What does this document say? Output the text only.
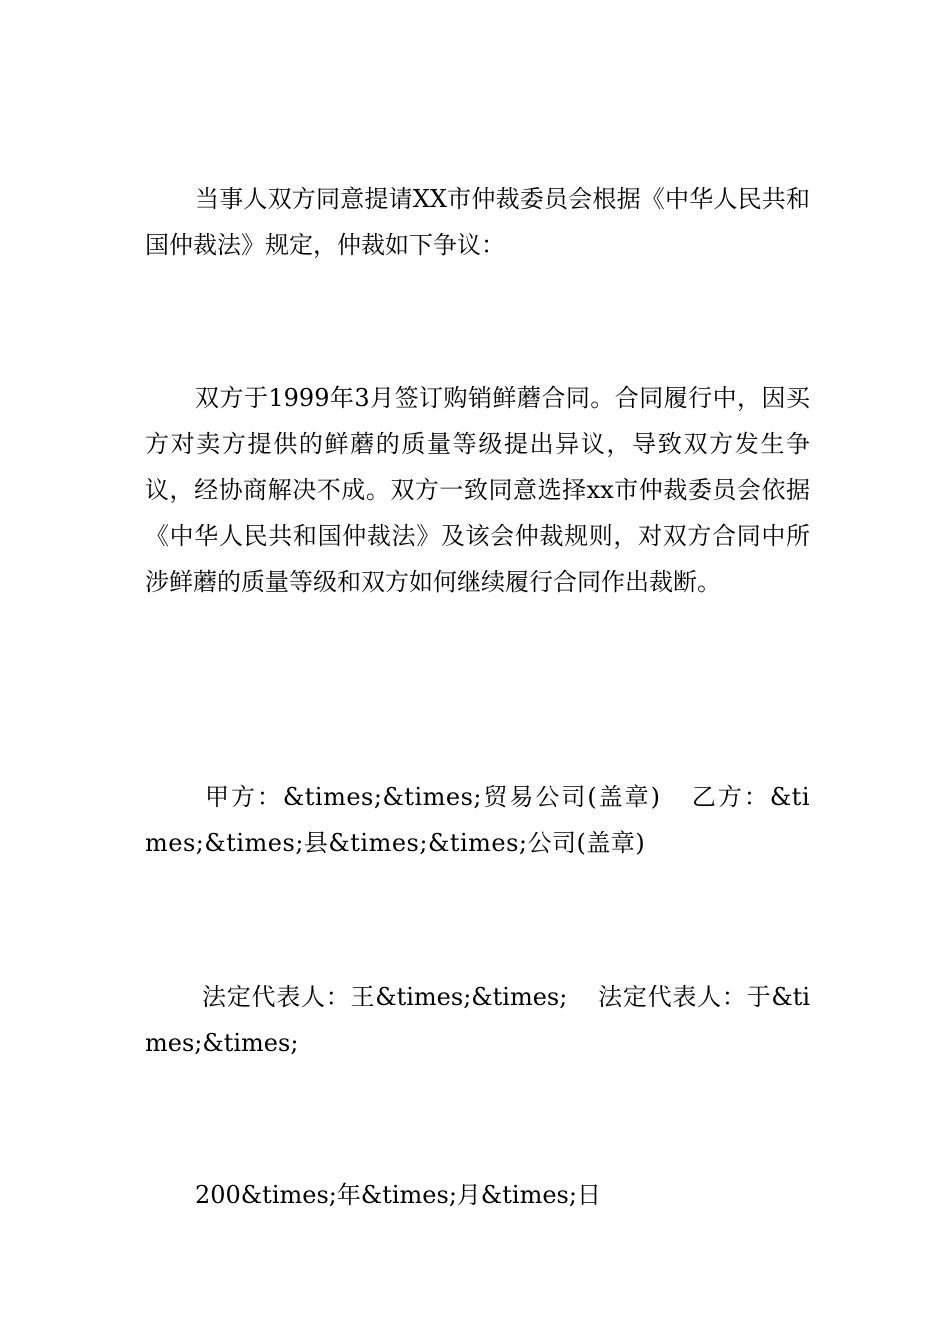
当事人双方同意提请XX市仲裁委员会根据《中华人民共和国仲裁法》规定，仲裁如下争议：

双方于1999年3月签订购销鲜蘑合同。合同履行中，因买方对卖方提供的鲜蘑的质量等级提出异议，导致双方发生争议，经协商解决不成。双方一致同意选择xx市仲裁委员会依据《中华人民共和国仲裁法》及该会仲裁规则，对双方合同中所涉鲜蘑的质量等级和双方如何继续履行合同作出裁断。

甲方：&times;&times;贸易公司(盖章) 乙方：&times;&times;县&times;&times;公司(盖章)

法定代表人：王&times;&times; 法定代表人：于&times;&times;

200&times;年&times;月&times;日
